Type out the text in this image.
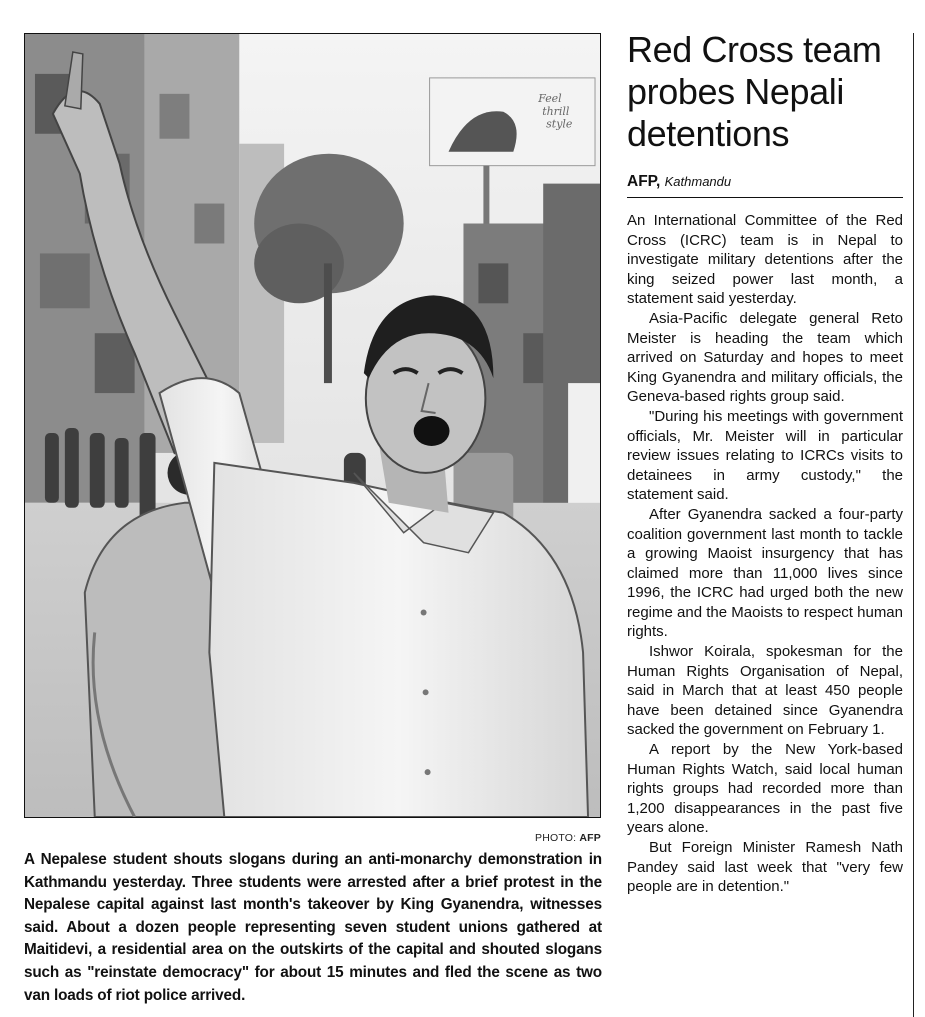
Feel thrill style
PHOTO: AFP
A Nepalese student shouts slogans during an anti-monarchy demonstration in Kathmandu yesterday. Three students were arrested after a brief protest in the Nepalese capital against last month's takeover by King Gyanendra, witnesses said. About a dozen people representing seven student unions gathered at Maitidevi, a residential area on the outskirts of the capital and shouted slogans such as "reinstate democracy" for about 15 minutes and fled the scene as two van loads of riot police arrived.
Red Cross team probes Nepali detentions
AFP, Kathmandu

An International Committee of the Red Cross (ICRC) team is in Nepal to investigate military detentions after the king seized power last month, a statement said yesterday.

Asia-Pacific delegate general Reto Meister is heading the team which arrived on Saturday and hopes to meet King Gyanendra and military officials, the Geneva-based rights group said.

"During his meetings with government officials, Mr. Meister will in particular review issues relating to ICRCs visits to detainees in army custody," the statement said.

After Gyanendra sacked a four-party coalition government last month to tackle a growing Maoist insurgency that has claimed more than 11,000 lives since 1996, the ICRC had urged both the new regime and the Maoists to respect human rights.

Ishwor Koirala, spokesman for the Human Rights Organisation of Nepal, said in March that at least 450 people have been detained since Gyanendra sacked the government on February 1.

A report by the New York-based Human Rights Watch, said local human rights groups had recorded more than 1,200 disappearances in the past five years alone.

But Foreign Minister Ramesh Nath Pandey said last week that "very few people are in detention."
